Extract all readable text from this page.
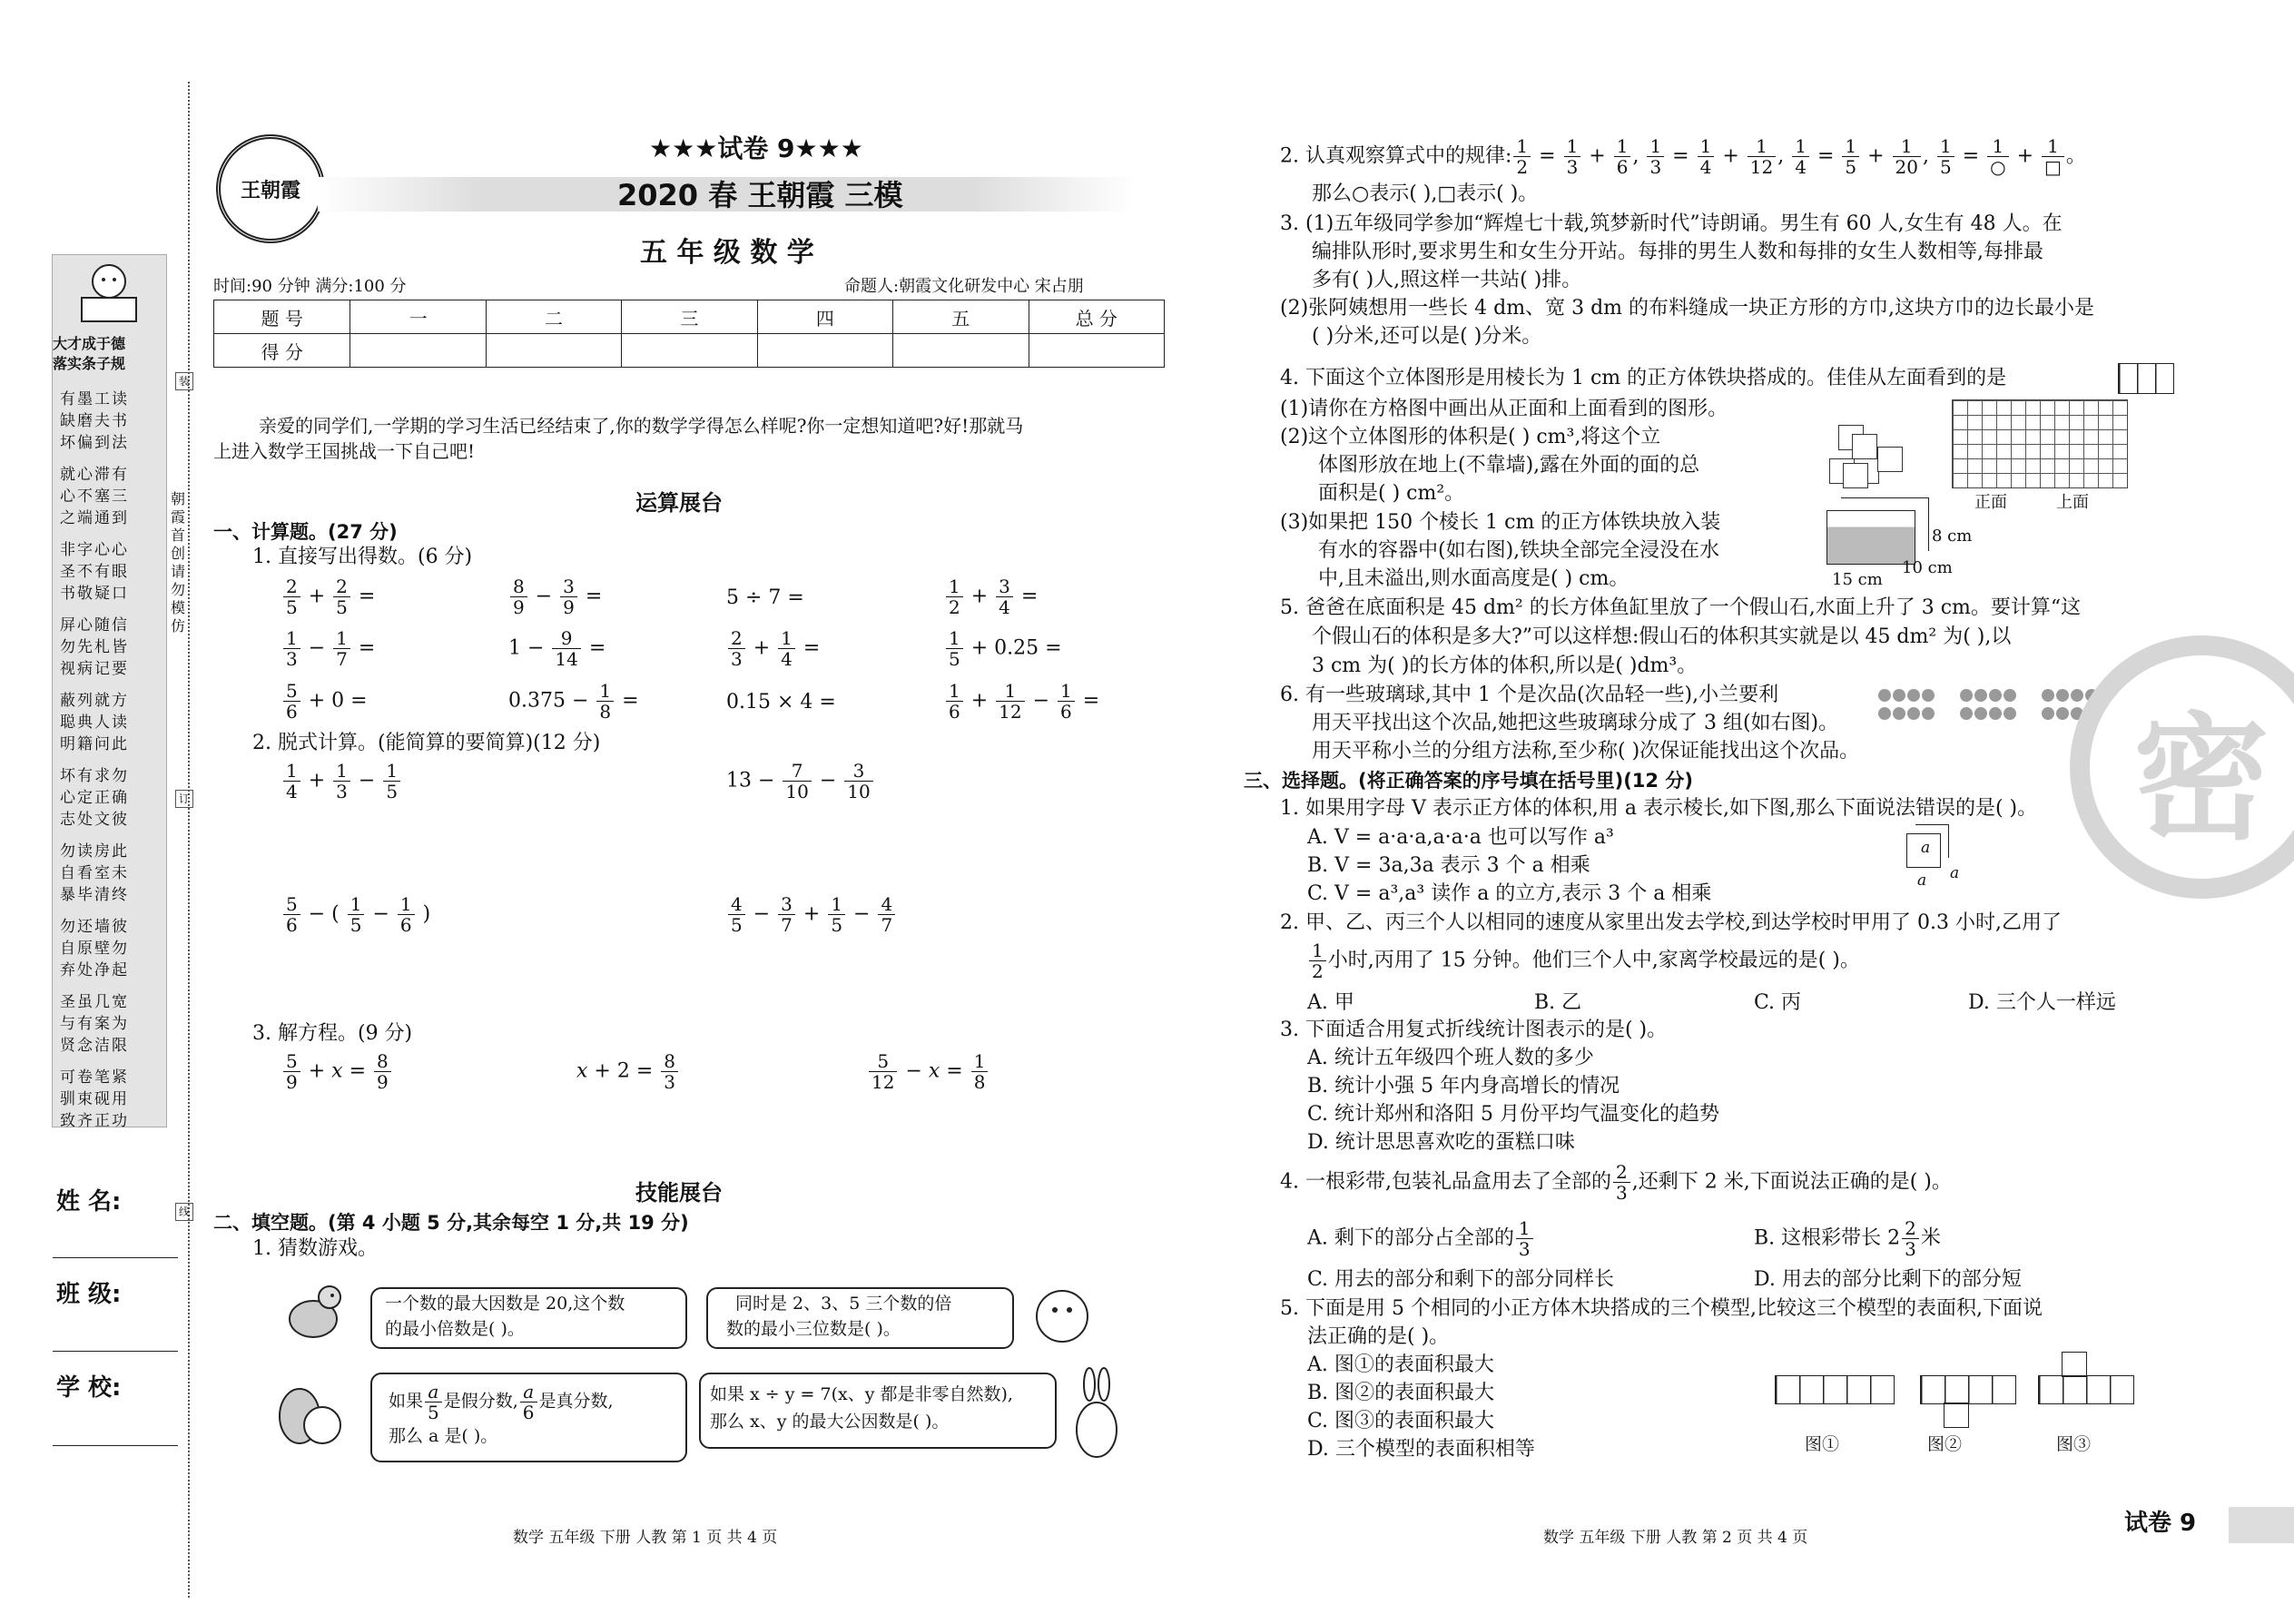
大才成于德
落实条子规
有墨工读
缺磨夫书
坏偏到法
就心滞有
心不塞三
之端通到
非字心心
圣不有眼
书敬疑口
屏心随信
勿先札皆
视病记要
蔽列就方
聪典人读
明籍问此
坏有求勿
心定正确
志处文彼
勿读房此
自看室未
暴毕清终
勿还墙彼
自原壁勿
弃处净起
圣虽几宽
与有案为
贤念洁限
可卷笔紧
驯束砚用
致齐正功
朝霞首创 请勿模仿
装
订
线
姓 名:
班 级:
学 校:
王朝霞
★★★试卷 9★★★
2020 春 王朝霞 三模
五 年 级 数 学
时间:90 分钟 满分:100 分	命题人:朝霞文化研发中心 宋占朋
题 号	一	二	三	四	五	总 分
得 分						
亲爱的同学们,一学期的学习生活已经结束了,你的数学学得怎么样呢?你一定想知道吧?好!那就马
上进入数学王国挑战一下自己吧!
运算展台
一、计算题。(27 分)
1. 直接写出得数。(6 分)
$\frac{2}{5} + \frac{2}{5}$ =	$\frac{8}{9} - \frac{3}{9}$ =	5 ÷ 7 =	$\frac{1}{2} + \frac{3}{4}$ =
$\frac{1}{3} - \frac{1}{7}$ =	$1 - \frac{9}{14}$ =	$\frac{2}{3} + \frac{1}{4}$ =	$\frac{1}{5} + 0.25$ =
$\frac{5}{6} + 0$ =	$0.375 - \frac{1}{8}$ =	0.15 × 4 =	$\frac{1}{6} + \frac{1}{12} - \frac{1}{6}$ =
2. 脱式计算。(能简算的要简算)(12 分)
$\frac{1}{4} + \frac{1}{3} - \frac{1}{5}$	$13 - \frac{7}{10} - \frac{3}{10}$
$\frac{5}{6}$ − ( $\frac{1}{5} - \frac{1}{6}$ )	$\frac{4}{5} - \frac{3}{7} + \frac{1}{5} - \frac{4}{7}$
3. 解方程。(9 分)
$\frac{5}{9} + x = \frac{8}{9}$	$x + 2 = \frac{8}{3}$	$\frac{5}{12} - x = \frac{1}{8}$
技能展台
二、填空题。(第 4 小题 5 分,其余每空 1 分,共 19 分)
1. 猜数游戏。
一个数的最大因数是 20,这个数
的最小倍数是( )。
同时是 2、3、5 三个数的倍
数的最小三位数是( )。
如果 $\frac{a}{5}$ 是假分数, $\frac{a}{6}$ 是真分数,
那么 a 是( )。
如果 x ÷ y = 7(x、y 都是非零自然数),
那么 x、y 的最大公因数是( )。
数学 五年级 下册 人教 第 1 页 共 4 页
2. 认真观察算式中的规律: $\frac{1}{2} = \frac{1}{3} + \frac{1}{6}$ , $\frac{1}{3} = \frac{1}{4} + \frac{1}{12}$ , $\frac{1}{4} = \frac{1}{5} + \frac{1}{20}$ , $\frac{1}{5} = \frac{1}{○} + \frac{1}{□}$ 。
那么○表示( ),□表示( )。
3. (1)五年级同学参加“辉煌七十载,筑梦新时代”诗朗诵。男生有 60 人,女生有 48 人。在
编排队形时,要求男生和女生分开站。每排的男生人数和每排的女生人数相等,每排最
多有( )人,照这样一共站( )排。
(2)张阿姨想用一些长 4 dm、宽 3 dm 的布料缝成一块正方形的方巾,这块方巾的边长最小是
( )分米,还可以是( )分米。
4. 下面这个立体图形是用棱长为 1 cm 的正方体铁块搭成的。佳佳从左面看到的是
(1)请你在方格图中画出从正面和上面看到的图形。
(2)这个立体图形的体积是( ) cm³,将这个立
体图形放在地上(不靠墙),露在外面的面的总
面积是( ) cm²。
(3)如果把 150 个棱长 1 cm 的正方体铁块放入装
有水的容器中(如右图),铁块全部完全浸没在水
中,且未溢出,则水面高度是( ) cm。
正面	上面
8 cm
10 cm
15 cm
5. 爸爸在底面积是 45 dm² 的长方体鱼缸里放了一个假山石,水面上升了 3 cm。要计算“这
个假山石的体积是多大?”可以这样想:假山石的体积其实就是以 45 dm² 为( ),以
3 cm 为( )的长方体的体积,所以是( )dm³。
6. 有一些玻璃球,其中 1 个是次品(次品轻一些),小兰要利
用天平找出这个次品,她把这些玻璃球分成了 3 组(如右图)。
用天平称小兰的分组方法称,至少称( )次保证能找出这个次品。
三、选择题。(将正确答案的序号填在括号里)(12 分)
1. 如果用字母 V 表示正方体的体积,用 a 表示棱长,如下图,那么下面说法错误的是( )。
A. V = a·a·a,a·a·a 也可以写作 a³
B. V = 3a,3a 表示 3 个 a 相乘
C. V = a³,a³ 读作 a 的立方,表示 3 个 a 相乘
a
a a
2. 甲、乙、丙三个人以相同的速度从家里出发去学校,到达学校时甲用了 0.3 小时,乙用了
$\frac{1}{2}$ 小时,丙用了 15 分钟。他们三个人中,家离学校最远的是( )。
A. 甲	B. 乙	C. 丙	D. 三个人一样远
3. 下面适合用复式折线统计图表示的是( )。
A. 统计五年级四个班人数的多少
B. 统计小强 5 年内身高增长的情况
C. 统计郑州和洛阳 5 月份平均气温变化的趋势
D. 统计思思喜欢吃的蛋糕口味
4. 一根彩带,包装礼品盒用去了全部的 $\frac{2}{3}$ ,还剩下 2 米,下面说法正确的是( )。
A. 剩下的部分占全部的 $\frac{1}{3}$	B. 这根彩带长 $2 \frac{2}{3}$ 米
C. 用去的部分和剩下的部分同样长	D. 用去的部分比剩下的部分短
5. 下面是用 5 个相同的小正方体木块搭成的三个模型,比较这三个模型的表面积,下面说
法正确的是( )。
A. 图①的表面积最大
B. 图②的表面积最大
C. 图③的表面积最大
D. 三个模型的表面积相等	图①	图②	图③
密
数学 五年级 下册 人教 第 2 页 共 4 页
试卷 9
